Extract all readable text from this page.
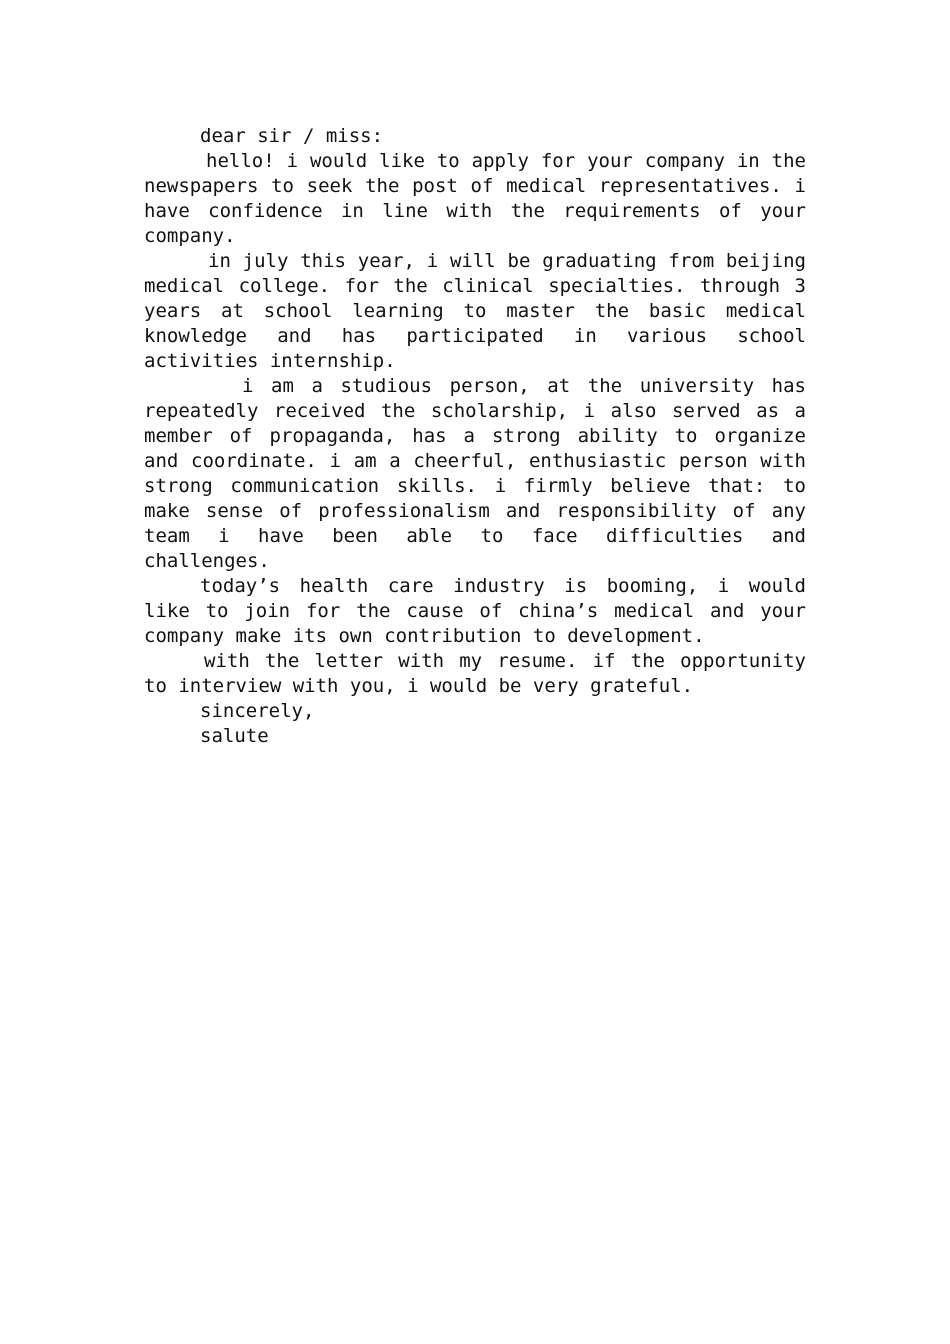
dear sir / miss:

hello! i would like to apply for your company in the newspapers to seek the post of medical representatives. i have confidence in line with the requirements of your company.

in july this year, i will be graduating from beijing medical college. for the clinical specialties. through 3 years at school learning to master the basic medical knowledge and has participated in various school activities internship.

i am a studious person, at the university has repeatedly received the scholarship, i also served as a member of propaganda, has a strong ability to organize and coordinate. i am a cheerful, enthusiastic person with strong communication skills. i firmly believe that: to make sense of professionalism and responsibility of any team i have been able to face difficulties and challenges.

today’s health care industry is booming, i would like to join for the cause of china’s medical and your company make its own contribution to development.

with the letter with my resume. if the opportunity to interview with you, i would be very grateful.

sincerely,

salute
